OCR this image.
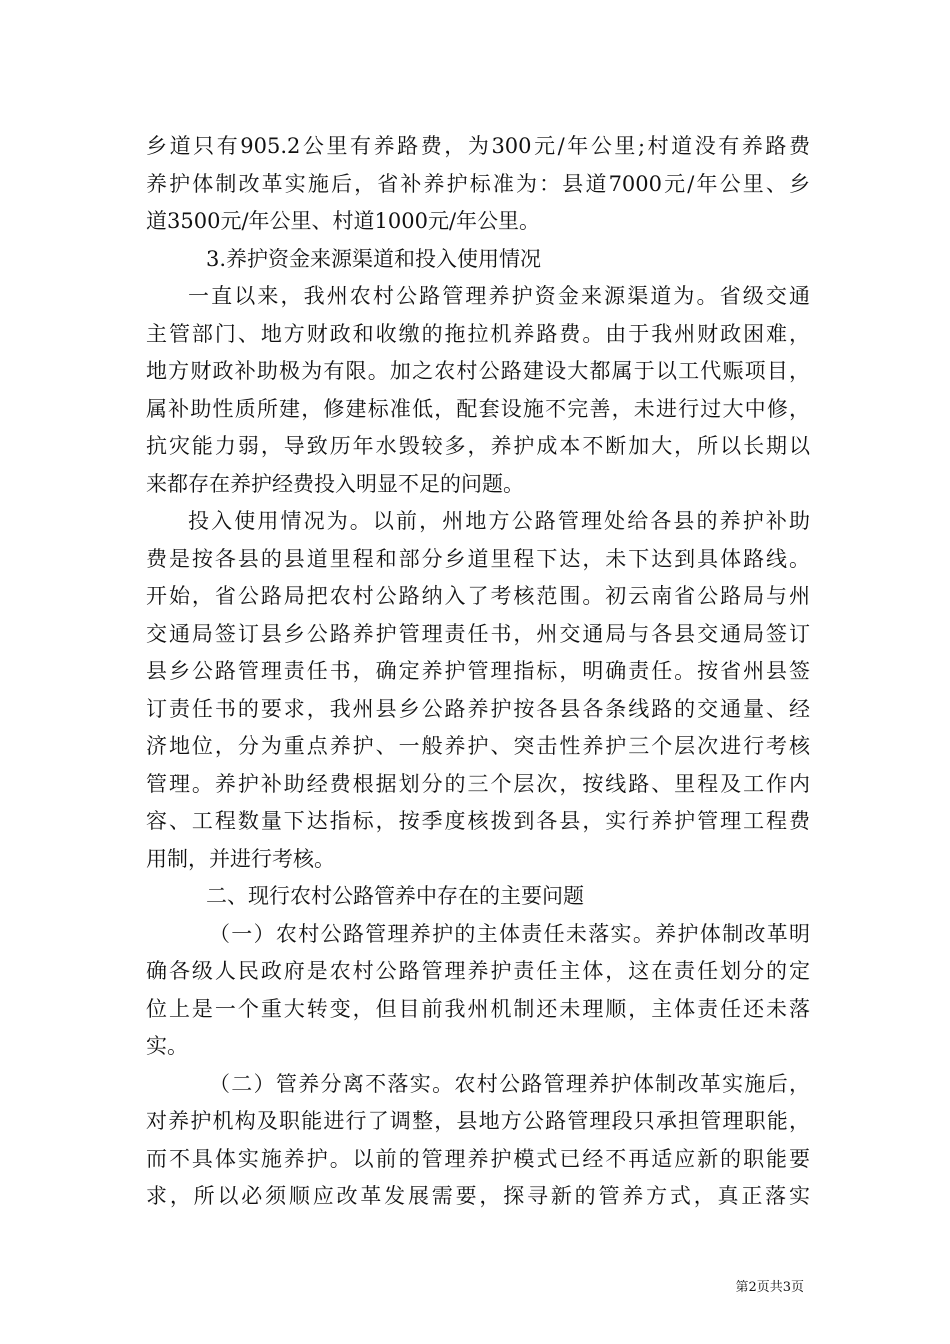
乡道只有905.2公里有养路费，为300元/年公里;村道没有养路费
养护体制改革实施后，省补养护标准为：县道7000元/年公里、乡
道3500元/年公里、村道1000元/年公里。
3.养护资金来源渠道和投入使用情况
一直以来，我州农村公路管理养护资金来源渠道为。省级交通
主管部门、地方财政和收缴的拖拉机养路费。由于我州财政困难，
地方财政补助极为有限。加之农村公路建设大都属于以工代赈项目，
属补助性质所建，修建标准低，配套设施不完善，未进行过大中修，
抗灾能力弱，导致历年水毁较多，养护成本不断加大，所以长期以
来都存在养护经费投入明显不足的问题。
投入使用情况为。以前，州地方公路管理处给各县的养护补助
费是按各县的县道里程和部分乡道里程下达，未下达到具体路线。
开始，省公路局把农村公路纳入了考核范围。初云南省公路局与州
交通局签订县乡公路养护管理责任书，州交通局与各县交通局签订
县乡公路管理责任书，确定养护管理指标，明确责任。按省州县签
订责任书的要求，我州县乡公路养护按各县各条线路的交通量、经
济地位，分为重点养护、一般养护、突击性养护三个层次进行考核
管理。养护补助经费根据划分的三个层次，按线路、里程及工作内
容、工程数量下达指标，按季度核拨到各县，实行养护管理工程费
用制，并进行考核。
二、现行农村公路管养中存在的主要问题
（一）农村公路管理养护的主体责任未落实。养护体制改革明
确各级人民政府是农村公路管理养护责任主体，这在责任划分的定
位上是一个重大转变，但目前我州机制还未理顺，主体责任还未落
实。
（二）管养分离不落实。农村公路管理养护体制改革实施后，
对养护机构及职能进行了调整，县地方公路管理段只承担管理职能，
而不具体实施养护。以前的管理养护模式已经不再适应新的职能要
求，所以必须顺应改革发展需要，探寻新的管养方式，真正落实
第2页共3页
